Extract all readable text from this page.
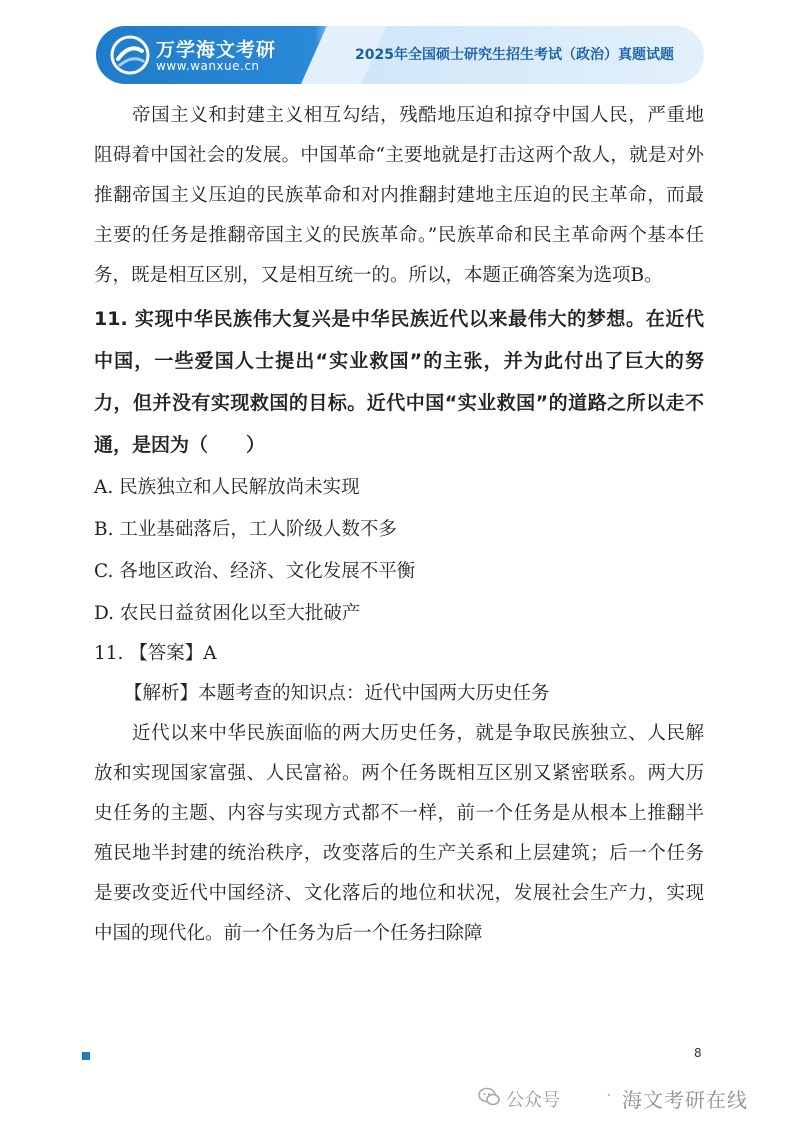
万学海文考研
www.wanxue.cn
2025年全国硕士研究生招生考试（政治）真题试题

帝国主义和封建主义相互勾结，残酷地压迫和掠夺中国人民，严重地阻碍着中国社会的发展。中国革命“主要地就是打击这两个敌人，就是对外推翻帝国主义压迫的民族革命和对内推翻封建地主压迫的民主革命，而最主要的任务是推翻帝国主义的民族革命。”民族革命和民主革命两个基本任务，既是相互区别，又是相互统一的。所以，本题正确答案为选项B。

11. 实现中华民族伟大复兴是中华民族近代以来最伟大的梦想。在近代中国，一些爱国人士提出“实业救国”的主张，并为此付出了巨大的努力，但并没有实现救国的目标。近代中国“实业救国”的道路之所以走不通，是因为（　　）

A. 民族独立和人民解放尚未实现

B. 工业基础落后，工人阶级人数不多

C. 各地区政治、经济、文化发展不平衡

D. 农民日益贫困化以至大批破产

11. 【答案】A

【解析】本题考查的知识点：近代中国两大历史任务

近代以来中华民族面临的两大历史任务，就是争取民族独立、人民解放和实现国家富强、人民富裕。两个任务既相互区别又紧密联系。两大历史任务的主题、内容与实现方式都不一样，前一个任务是从根本上推翻半殖民地半封建的统治秩序，改变落后的生产关系和上层建筑；后一个任务是要改变近代中国经济、文化落后的地位和状况，发展社会生产力，实现中国的现代化。前一个任务为后一个任务扫除障

8
公众号	· 海文考研在线
